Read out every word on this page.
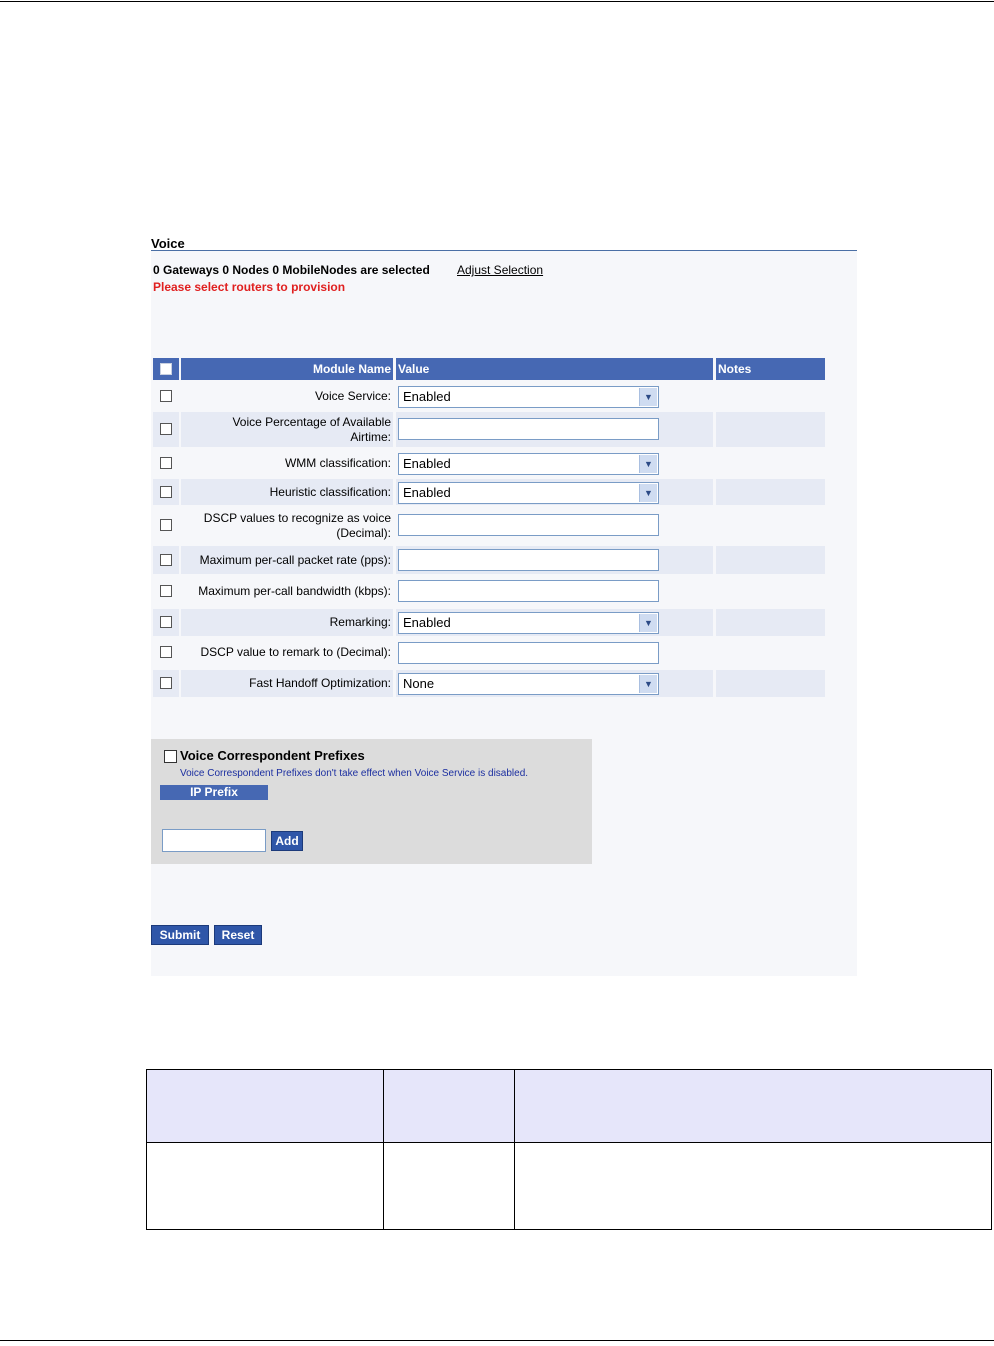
Voice
0 Gateways 0 Nodes 0 MobileNodes are selected Adjust Selection
Please select routers to provision
Module Name Value	Notes
Voice Service: Enabled	▼
Voice Percentage of Available Airtime:
WMM classification: Enabled	▼
Heuristic classification: Enabled	▼
DSCP values to recognize as voice (Decimal):
Maximum per-call packet rate (pps):
Maximum per-call bandwidth (kbps):
Remarking: Enabled	▼
DSCP value to remark to (Decimal):
Fast Handoff Optimization: None	▼
Voice Correspondent Prefixes
Voice Correspondent Prefixes don't take effect when Voice Service is disabled.
IP Prefix
Add
Submit	Reset
